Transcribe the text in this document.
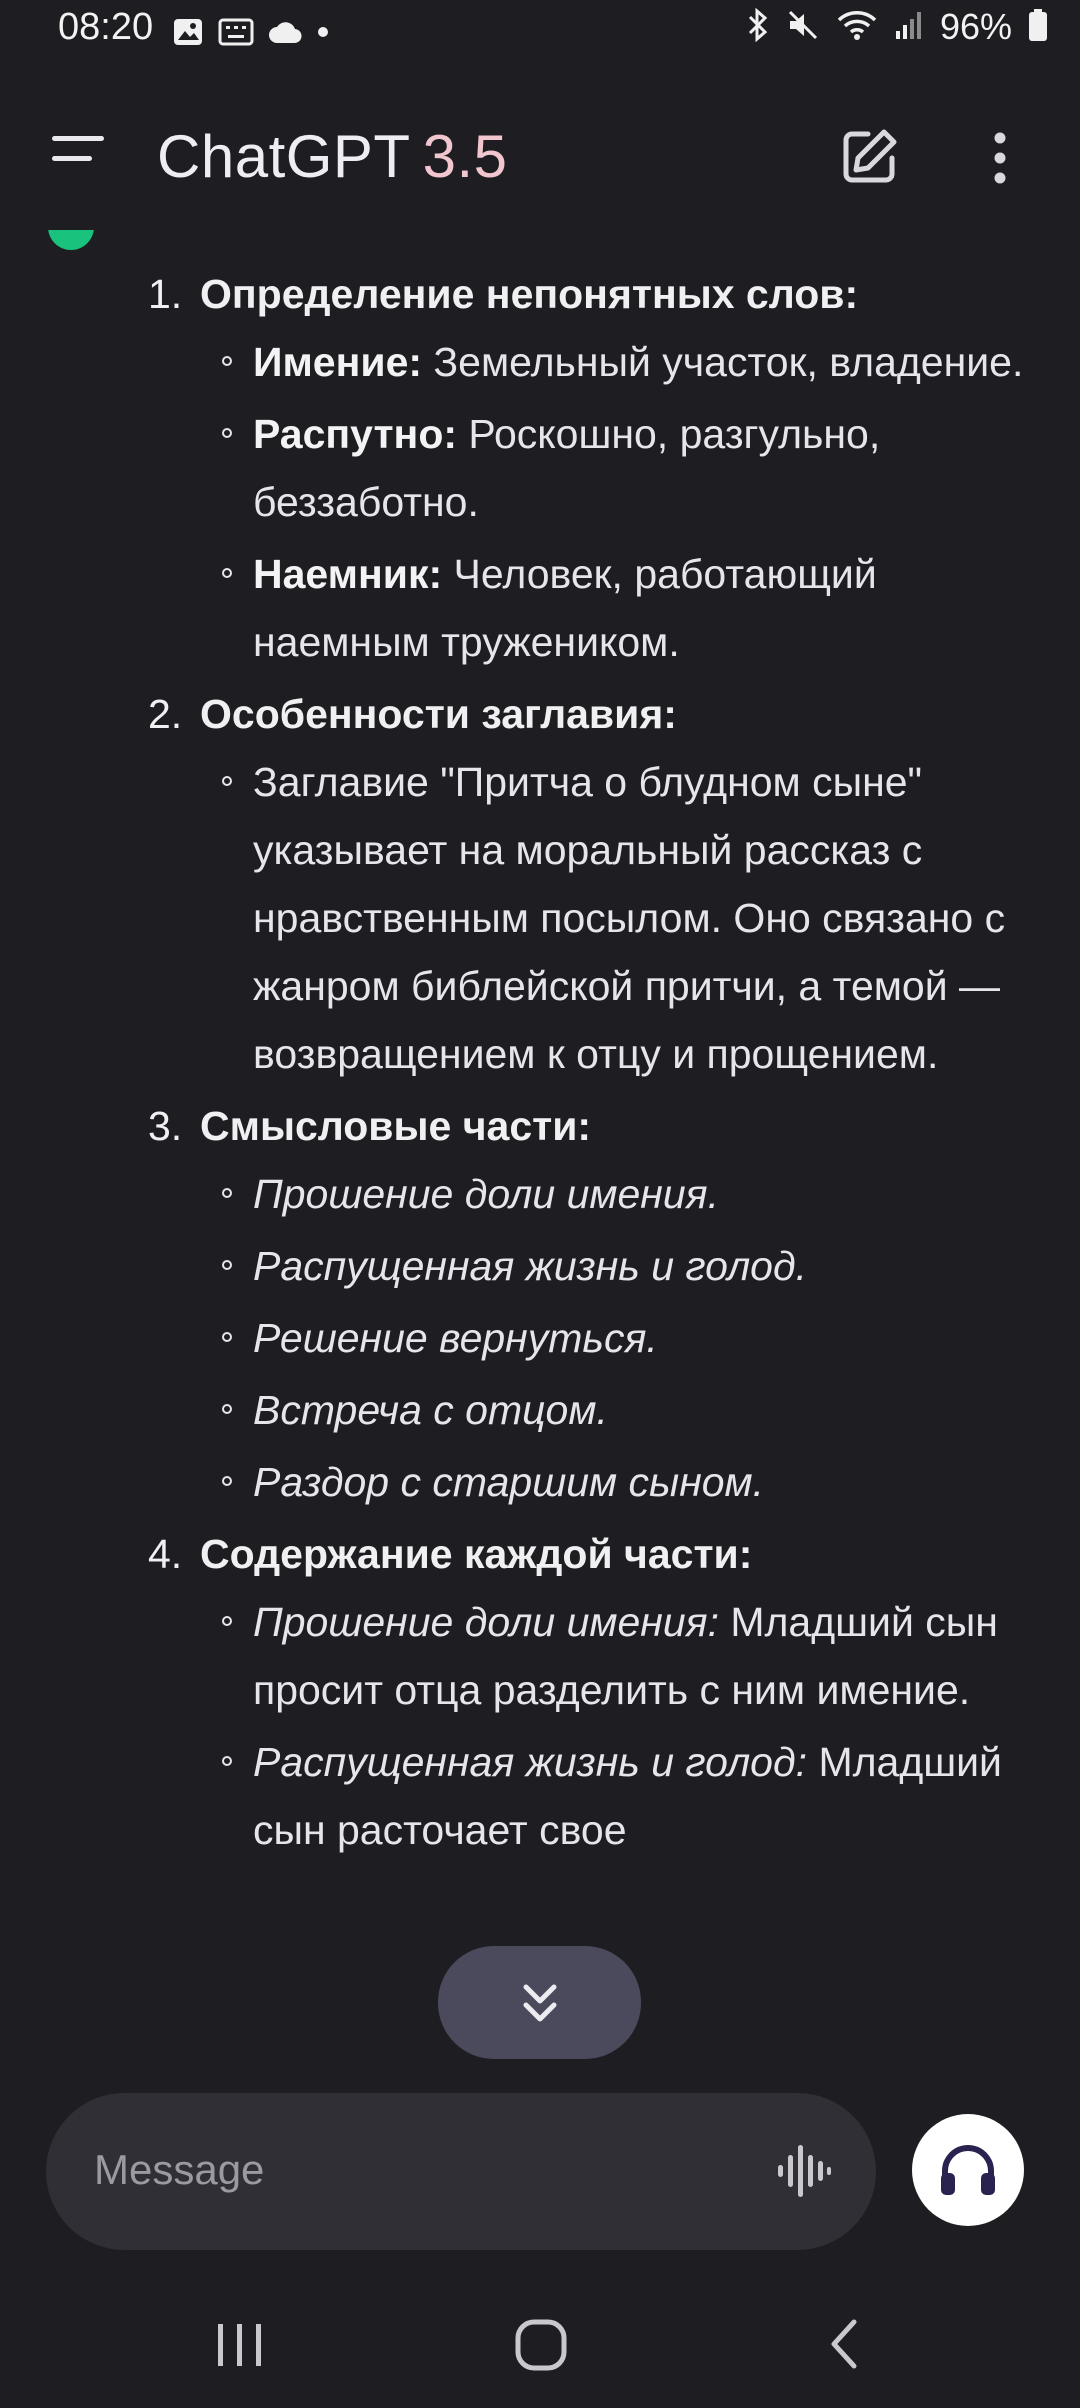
08:20	96%
ChatGPT 3.5
1. Определение непонятных слов:
Имение: Земельный участок, владение.
Распутно: Роскошно, разгульно, беззаботно.
Наемник: Человек, работающий наемным тружеником.
2. Особенности заглавия:
Заглавие "Притча о блудном сыне" указывает на моральный рассказ с нравственным посылом. Оно связано с жанром библейской притчи, а темой — возвращением к отцу и прощением.
3. Смысловые части:
Прошение доли имения.
Распущенная жизнь и голод.
Решение вернуться.
Встреча с отцом.
Раздор с старшим сыном.
4. Содержание каждой части:
Прошение доли имения: Младший сын просит отца разделить с ним имение.
Распущенная жизнь и голод: Младший сын расточает свое
Message
